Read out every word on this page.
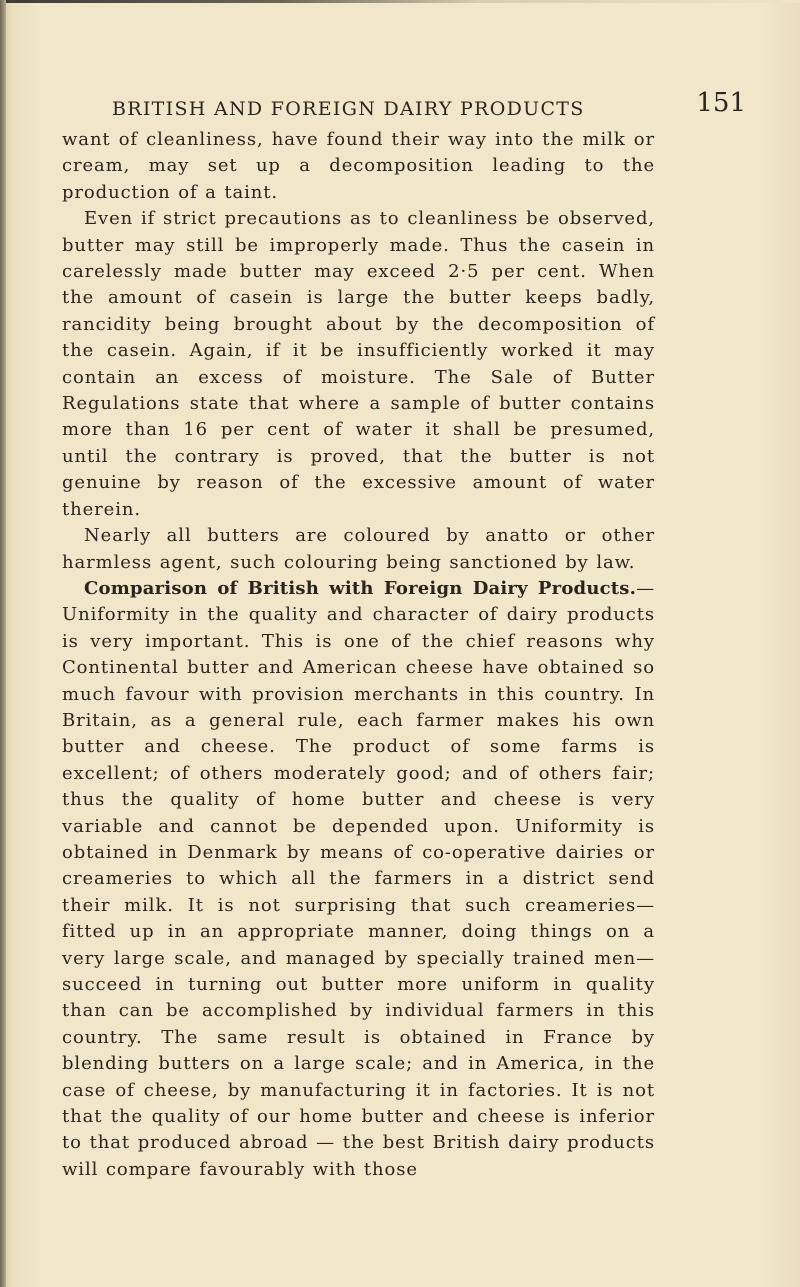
BRITISH AND FOREIGN DAIRY PRODUCTS	151

want of cleanliness, have found their way into the milk or cream, may set up a decomposition leading to the production of a taint.

Even if strict precautions as to cleanliness be observed, butter may still be improperly made. Thus the casein in carelessly made butter may exceed 2·5 per cent. When the amount of casein is large the butter keeps badly, rancidity being brought about by the decomposition of the casein. Again, if it be insufficiently worked it may contain an excess of moisture. The Sale of Butter Regulations state that where a sample of butter contains more than 16 per cent of water it shall be presumed, until the contrary is proved, that the butter is not genuine by reason of the excessive amount of water therein.

Nearly all butters are coloured by anatto or other harmless agent, such colouring being sanctioned by law.

Comparison of British with Foreign Dairy Products.—Uniformity in the quality and character of dairy products is very important. This is one of the chief reasons why Continental butter and American cheese have obtained so much favour with provision merchants in this country. In Britain, as a general rule, each farmer makes his own butter and cheese. The product of some farms is excellent; of others moderately good; and of others fair; thus the quality of home butter and cheese is very variable and cannot be depended upon. Uniformity is obtained in Denmark by means of co-operative dairies or creameries to which all the farmers in a district send their milk. It is not surprising that such creameries—fitted up in an appropriate manner, doing things on a very large scale, and managed by specially trained men—succeed in turning out butter more uniform in quality than can be accomplished by individual farmers in this country. The same result is obtained in France by blending butters on a large scale; and in America, in the case of cheese, by manufacturing it in factories. It is not that the quality of our home butter and cheese is inferior to that produced abroad — the best British dairy products will compare favourably with those
